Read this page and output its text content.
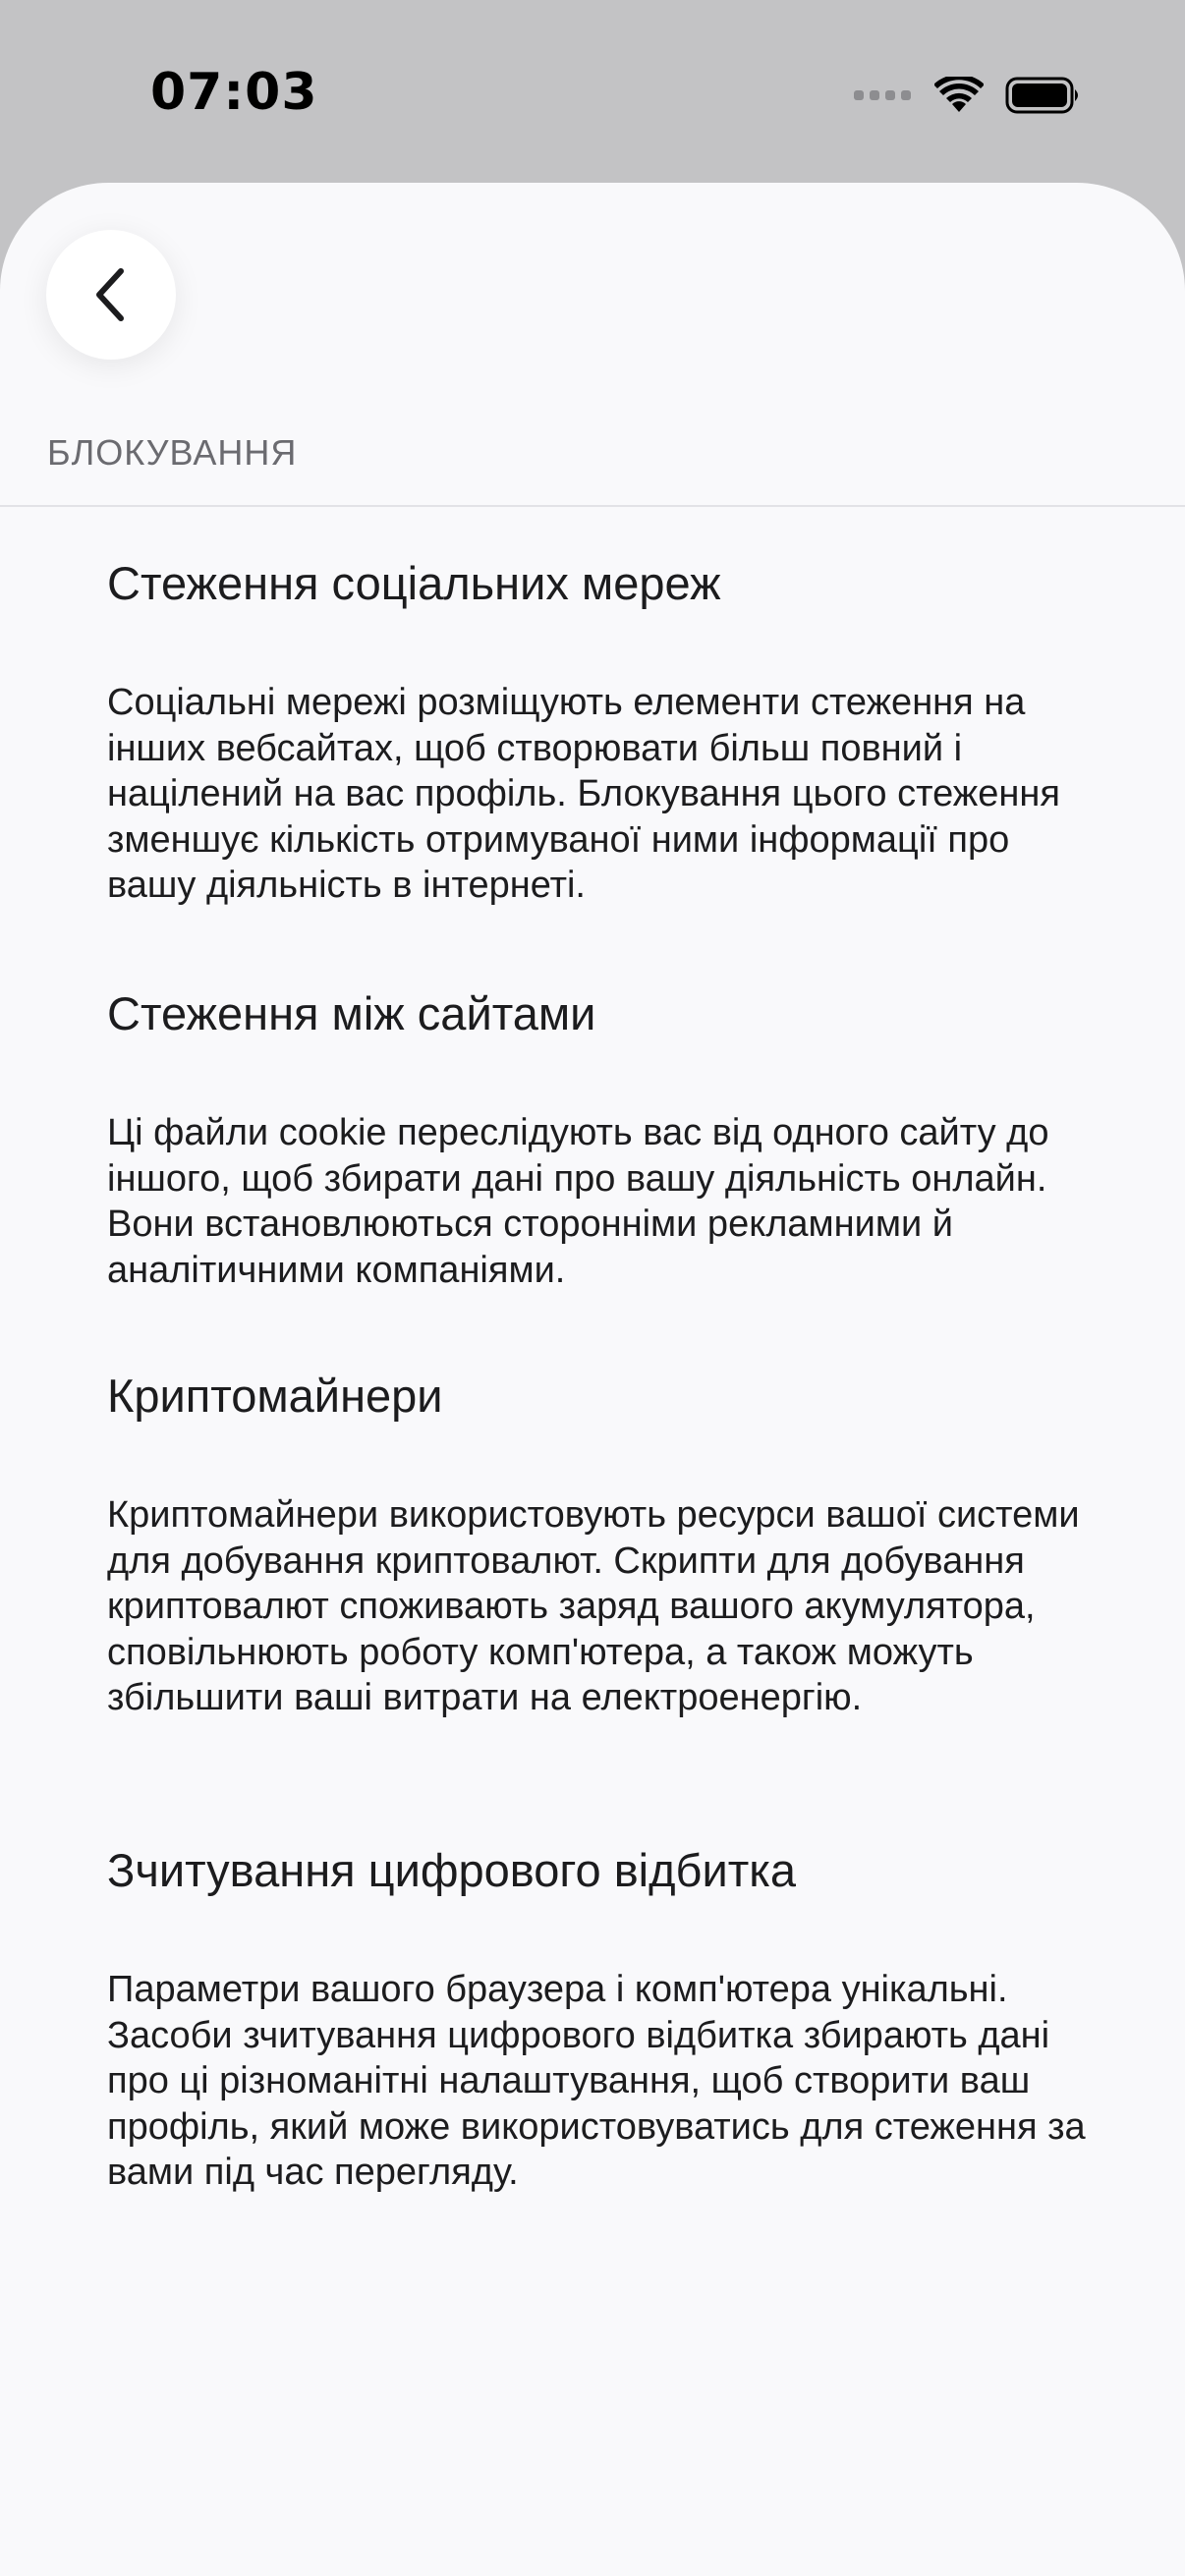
07:03
БЛОКУВАННЯ
Стеження соціальних мереж
Соціальні мережі розміщують елементи стеження на інших вебсайтах, щоб створювати більш повний і націлений на вас профіль. Блокування цього стеження зменшує кількість отримуваної ними інформації про вашу діяльність в інтернеті.
Стеження між сайтами
Ці файли cookie переслідують вас від одного сайту до іншого, щоб збирати дані про вашу діяльність онлайн. Вони встановлюються сторонніми рекламними й аналітичними компаніями.
Криптомайнери
Криптомайнери використовують ресурси вашої системи для добування криптовалют. Скрипти для добування криптовалют споживають заряд вашого акумулятора, сповільнюють роботу комп'ютера, а також можуть збільшити ваші витрати на електроенергію.
Зчитування цифрового відбитка
Параметри вашого браузера і комп'ютера унікальні. Засоби зчитування цифрового відбитка збирають дані про ці різноманітні налаштування, щоб створити ваш профіль, який може використовуватись для стеження за вами під час перегляду.
